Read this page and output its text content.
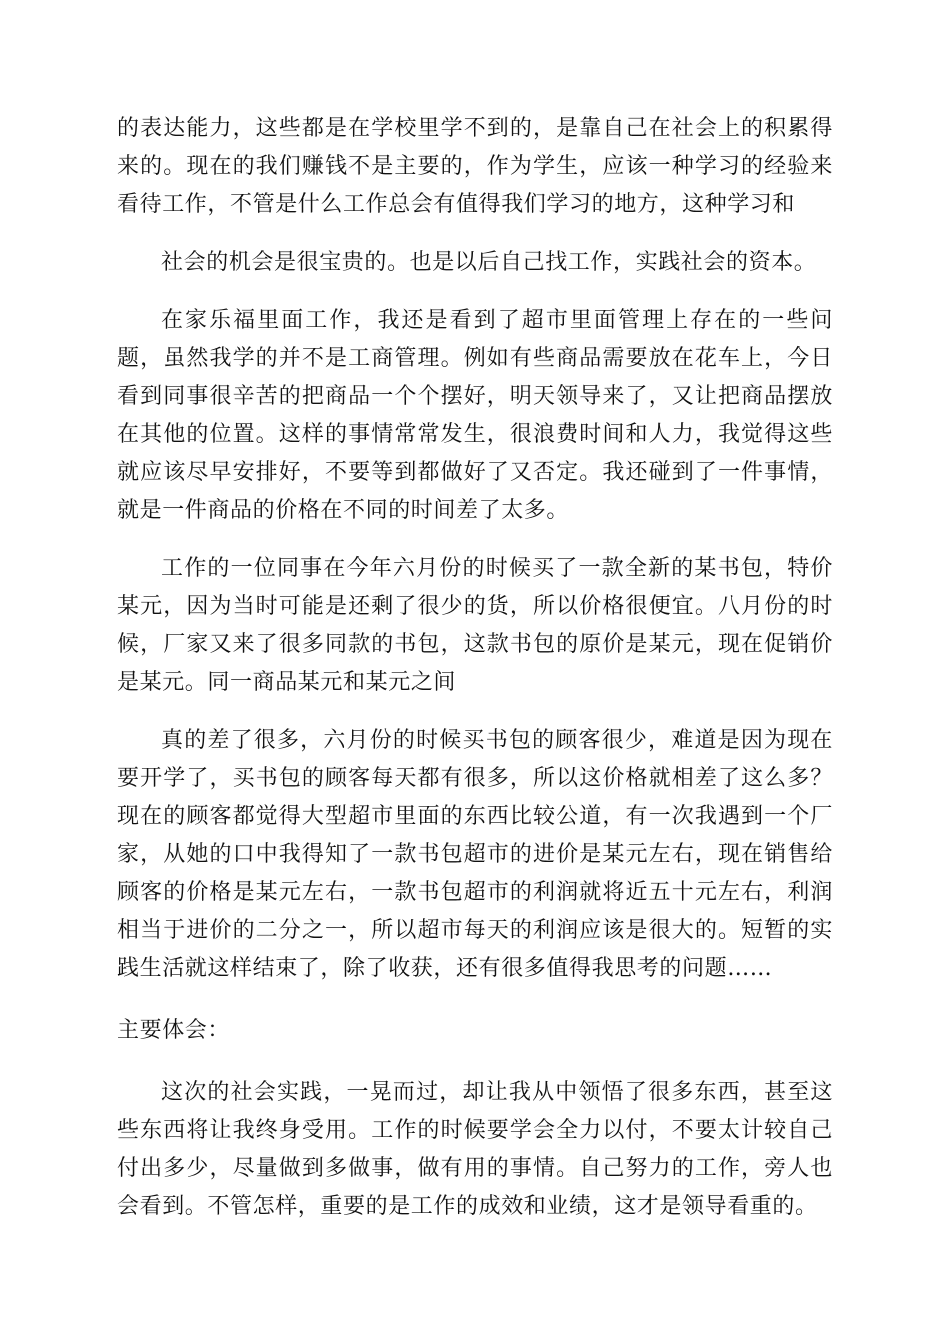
的表达能力，这些都是在学校里学不到的，是靠自己在社会上的积累得来的。现在的我们赚钱不是主要的，作为学生，应该一种学习的经验来看待工作，不管是什么工作总会有值得我们学习的地方，这种学习和

社会的机会是很宝贵的。也是以后自己找工作，实践社会的资本。

在家乐福里面工作，我还是看到了超市里面管理上存在的一些问题，虽然我学的并不是工商管理。例如有些商品需要放在花车上，今日看到同事很辛苦的把商品一个个摆好，明天领导来了，又让把商品摆放在其他的位置。这样的事情常常发生，很浪费时间和人力，我觉得这些就应该尽早安排好，不要等到都做好了又否定。我还碰到了一件事情，就是一件商品的价格在不同的时间差了太多。

工作的一位同事在今年六月份的时候买了一款全新的某书包，特价某元，因为当时可能是还剩了很少的货，所以价格很便宜。八月份的时候，厂家又来了很多同款的书包，这款书包的原价是某元，现在促销价是某元。同一商品某元和某元之间

真的差了很多，六月份的时候买书包的顾客很少，难道是因为现在要开学了，买书包的顾客每天都有很多，所以这价格就相差了这么多？现在的顾客都觉得大型超市里面的东西比较公道，有一次我遇到一个厂家，从她的口中我得知了一款书包超市的进价是某元左右，现在销售给顾客的价格是某元左右，一款书包超市的利润就将近五十元左右，利润相当于进价的二分之一，所以超市每天的利润应该是很大的。短暂的实践生活就这样结束了，除了收获，还有很多值得我思考的问题……

主要体会：

这次的社会实践，一晃而过，却让我从中领悟了很多东西，甚至这些东西将让我终身受用。工作的时候要学会全力以付，不要太计较自己付出多少，尽量做到多做事，做有用的事情。自己努力的工作，旁人也会看到。不管怎样，重要的是工作的成效和业绩，这才是领导看重的。
